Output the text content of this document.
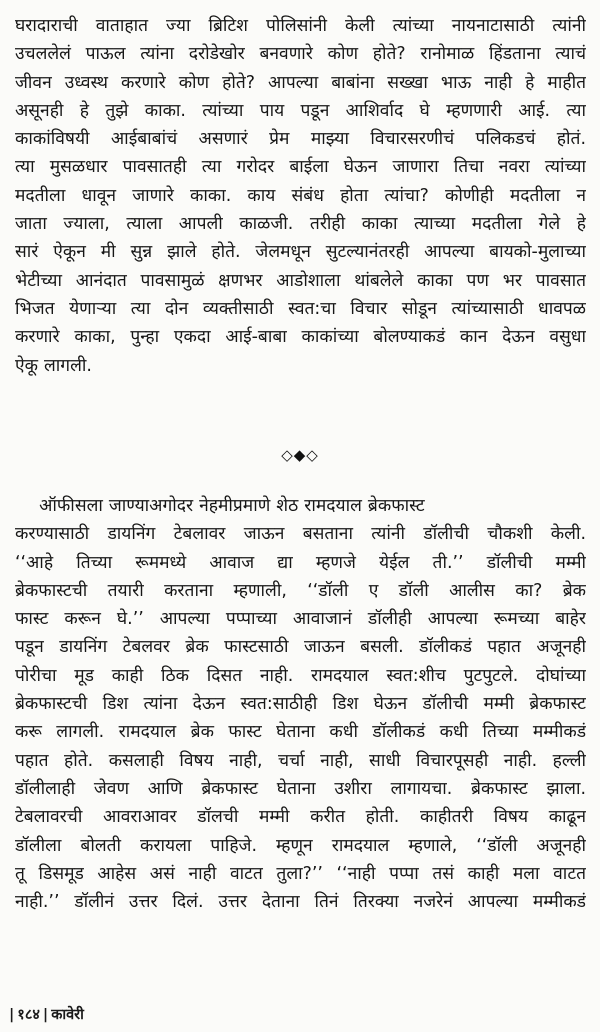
घरादाराची वाताहात ज्या ब्रिटिश पोलिसांनी केली त्यांच्या नायनाटासाठी त्यांनी
उचललेलं पाऊल त्यांना दरोडेखोर बनवणारे कोण होते? रानोमाळ हिंडताना त्याचं
जीवन उध्वस्थ करणारे कोण होते? आपल्या बाबांना सख्खा भाऊ नाही हे माहीत
असूनही हे तुझे काका. त्यांच्या पाय पडून आशिर्वाद घे म्हणणारी आई. त्या
काकांविषयी आईबाबांचं असणारं प्रेम माझ्या विचारसरणीचं पलिकडचं होतं.
त्या मुसळधार पावसातही त्या गरोदर बाईला घेऊन जाणारा तिचा नवरा त्यांच्या
मदतीला धावून जाणारे काका. काय संबंध होता त्यांचा? कोणीही मदतीला न
जाता ज्याला, त्याला आपली काळजी. तरीही काका त्याच्या मदतीला गेले हे
सारं ऐकून मी सुन्न झाले होते. जेलमधून सुटल्यानंतरही आपल्या बायको-मुलाच्या
भेटीच्या आनंदात पावसामुळं क्षणभर आडोशाला थांबलेले काका पण भर पावसात
भिजत येणाऱ्या त्या दोन व्यक्तीसाठी स्वत:चा विचार सोडून त्यांच्यासाठी धावपळ
करणारे काका, पुन्हा एकदा आई-बाबा काकांच्या बोलण्याकडं कान देऊन वसुधा
ऐकू लागली.
◇◆◇
ऑफीसला जाण्याअगोदर नेहमीप्रमाणे शेठ रामदयाल ब्रेकफास्ट
करण्यासाठी डायनिंग टेबलावर जाऊन बसताना त्यांनी डॉलीची चौकशी केली.
‘‘आहे तिच्या रूममध्ये आवाज द्या म्हणजे येईल ती.’’ डॉलीची मम्मी
ब्रेकफास्टची तयारी करताना म्हणाली, ‘‘डॉली ए डॉली आलीस का? ब्रेक
फास्ट करून घे.’’ आपल्या पप्पाच्या आवाजानं डॉलीही आपल्या रूमच्या बाहेर
पडून डायनिंग टेबलवर ब्रेक फास्टसाठी जाऊन बसली. डॉलीकडं पहात अजूनही
पोरीचा मूड काही ठिक दिसत नाही. रामदयाल स्वत:शीच पुटपुटले. दोघांच्या
ब्रेकफास्टची डिश त्यांना देऊन स्वत:साठीही डिश घेऊन डॉलीची मम्मी ब्रेकफास्ट
करू लागली. रामदयाल ब्रेक फास्ट घेताना कधी डॉलीकडं कधी तिच्या मम्मीकडं
पहात होते. कसलाही विषय नाही, चर्चा नाही, साधी विचारपूसही नाही. हल्ली
डॉलीलाही जेवण आणि ब्रेकफास्ट घेताना उशीरा लागायचा. ब्रेकफास्ट झाला.
टेबलावरची आवराआवर डॉलची मम्मी करीत होती. काहीतरी विषय काढून
डॉलीला बोलती करायला पाहिजे. म्हणून रामदयाल म्हणाले, ‘‘डॉली अजूनही
तू डिसमूड आहेस असं नाही वाटत तुला?’’ ‘‘नाही पप्पा तसं काही मला वाटत
नाही.’’ डॉलीनं उत्तर दिलं. उत्तर देताना तिनं तिरक्या नजरेनं आपल्या मम्मीकडं
| १८४ | कावेरी
